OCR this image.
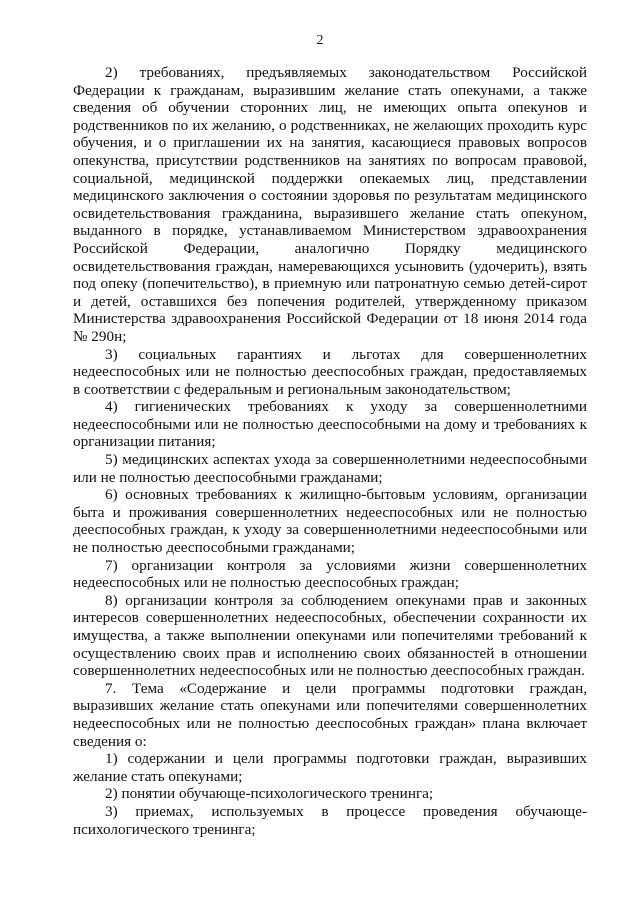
2

2) требованиях, предъявляемых законодательством Российской Федерации к гражданам, выразившим желание стать опекунами, а также сведения об обучении сторонних лиц, не имеющих опыта опекунов и родственников по их желанию, о родственниках, не желающих проходить курс обучения, и о приглашении их на занятия, касающиеся правовых вопросов опекунства, присутствии родственников на занятиях по вопросам правовой, социальной, медицинской поддержки опекаемых лиц, представлении медицинского заключения о состоянии здоровья по результатам медицинского освидетельствования гражданина, выразившего желание стать опекуном, выданного в порядке, устанавливаемом Министерством здравоохранения Российской Федерации, аналогично Порядку медицинского освидетельствования граждан, намеревающихся усыновить (удочерить), взять под опеку (попечительство), в приемную или патронатную семью детей-сирот и детей, оставшихся без попечения родителей, утвержденному приказом Министерства здравоохранения Российской Федерации от 18 июня 2014 года № 290н;

3) социальных гарантиях и льготах для совершеннолетних недееспособных или не полностью дееспособных граждан, предоставляемых в соответствии с федеральным и региональным законодательством;

4) гигиенических требованиях к уходу за совершеннолетними недееспособными или не полностью дееспособными на дому и требованиях к организации питания;

5) медицинских аспектах ухода за совершеннолетними недееспособными или не полностью дееспособными гражданами;

6) основных требованиях к жилищно-бытовым условиям, организации быта и проживания совершеннолетних недееспособных или не полностью дееспособных граждан, к уходу за совершеннолетними недееспособными или не полностью дееспособными гражданами;

7) организации контроля за условиями жизни совершеннолетних недееспособных или не полностью дееспособных граждан;

8) организации контроля за соблюдением опекунами прав и законных интересов совершеннолетних недееспособных, обеспечении сохранности их имущества, а также выполнении опекунами или попечителями требований к осуществлению своих прав и исполнению своих обязанностей в отношении совершеннолетних недееспособных или не полностью дееспособных граждан.

7. Тема «Содержание и цели программы подготовки граждан, выразивших желание стать опекунами или попечителями совершеннолетних недееспособных или не полностью дееспособных граждан» плана включает сведения о:

1) содержании и цели программы подготовки граждан, выразивших желание стать опекунами;

2) понятии обучающе-психологического тренинга;

3) приемах, используемых в процессе проведения обучающе-психологического тренинга;
